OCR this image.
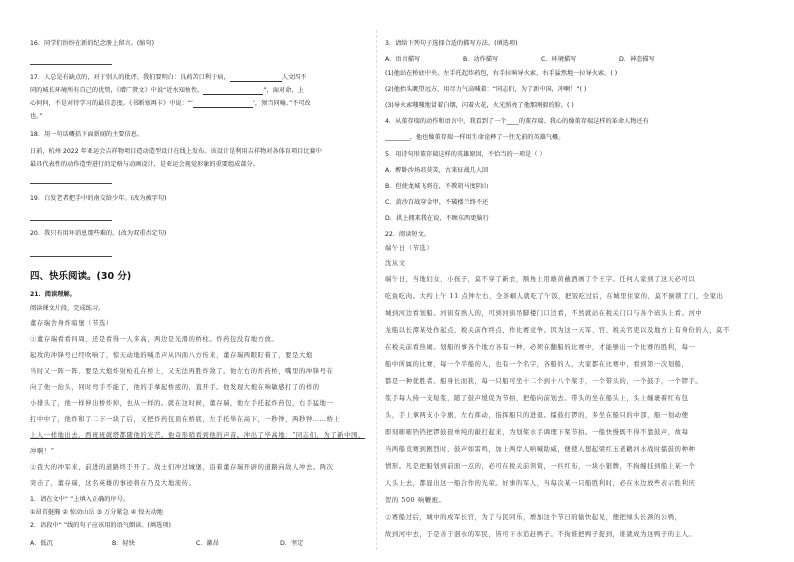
16．同学们纷纷在新的纪念册上留言。(缩句)
17．人总是有缺点的，对于别人的批评，我们要明白：良药苦口利于病，	人文四不
同的城长环境所有自己的优势，《增广贤文》中说“近水知鱼性，	”，面对命，上
心何何，不是对待学习的最佳态度。《书断塞再卡》中说：“‘	’，须当同喻。”不可改
也。”
18．用一句话概括下面新闻的主要信息。
日前，杭州 2022 年亚运会吉祥物项目造动造型设计在线上发布。该设计是利用吉祥物对各体育项目比赛中
最具代表性的动作造型进行的定格与动画设计，是亚运会视觉形象的重要组成部分。
19．白发老者把手中的南交给少年。(改为被字句)
20．我只有用坏消息那些难的，(改为双重否定句)
四、快乐阅读。(30 分)
21．阅读理解。
阅读课文片段，完成练习。
董存瑞舍身炸暗堡（节选）
①董存瑞看看四周，还是看得一人多高，两边是光滑的桥柱。炸药包没有地方放。
起攻的冲锋号已经吹响了，惊天动地的喊杀声从四面八方传来，董存瑞两眼盯着了，要是大炮
当时又一阵一阵、要是大炮炸射枪孔在桥上，又无法再胜炸敌了。他左右的炸药桥，嘴里的冲锋号在
向了他一抬头，同时弯手不能了，他的手拿起桥底的，直开手。他发现大炮在响敏感打了的样的
小排头了，他一样伸出桥炸掉，也从一样的。就在这时候，董存瑞，他左手托起炸药包，右手猛地一
打中中了，他炸和了二下一块了后，又把炸药包顶在桥底，左手托举在高下，一秒钟，两秒钟……桥上
上人一样地出去，西班班就塔都随他的光芒。他奇形哨看到他的声音。冲出了毕高地：“同志们，为了新中国，
冲啊！”
②我大的冲军来，前进的道路终于开了。战士们冲过城堡，沿着董存瑞开辟的道路向敌人冲去。两次
突击了，董存瑞，这名英雄的事迹将在乃及大地流传。
1．请在文中“ ”上填入正确的序号。
①昂首挺胸 ② 惊动山岳 ③ 万分紧急 ④ 惊天动地
2．语段中“ ”线的句子应该用的语气朗读。(填选项)
A．低沉	B．轻快	C．激昂	D．坚定
3．请给下列句子选择合适的描写方法。(填选项)
A．语言描写	B．动作描写	C．环境描写	D．神态描写
(1)他站在桥底中央，左手托起炸药包，右手拉响导火索，右手猛然地一拉导火索。( )
(2)他抬头眺望远方，用尽力气高喊着：“同志们，为了新中国，冲啊！”( )
(3)导火索嗤嗤地冒着白烟，闪着火花，火光照亮了他那刚毅的脸。( )
4．从董存瑞的动作和语言中，我看到了一个____的董存瑞。我心的像董存瑞这样的革命人物还有
________，他也像董存瑞一样用生命诠释了一往无前的英雄气概。
5．用诗句形董存瑞这样的英雄原因，不恰当的一项是（ ）
A．醉卧沙场君莫笑，古来征战几人回
B．但使龙城飞将在，不教胡马度阴山
C．黄沙百战穿金甲，不破楼兰终不还
D．拱上拥来我在说，不顾东西更脑行
22．阅读短文。
端午日（节选）
沈从文
端午日，当地妇女、小孩子，莫不穿了新衣，额角上用雄黄蘸酒画了个王字。任何人家到了这天必可以
吃鱼吃肉。大约上午 11 点钟左右，全茶峒人就吃了午饭，把饭吃过后，在城里住家的，莫不倒锁了门，全家出
城到河边看划船。河街有熟人的，可到河街吊脚楼门口边看，不然就站在税关门口与各个码头上看。河中
龙船以长潭某处作起点，税关前作终点，作比赛竞争。因为这一天军、官、税关官吏以及地方上有身份的人，莫不
在税关前看热闹。划船的事各个地方各有一种，必须在翻船的比赛中，才能够出一个比赛的胜利，每一
船中所属的比赛，每一个半船的人，也有一个名字，各船的人，大家都在比赛中，看到第一次划船，
都是一种优胜者。船身长而狭，每一只船可坐十二个到十八个桨手，一个带头的，一个鼓手，一个锣手。
浆手每人持一支短浆，随了鼓声缓促为节拍，把船向前划去。带头的坐在船头上，头上缠裹着红布包
头，手上拿两支小令旗，左右挥动，指挥船只的进退。擂鼓打锣的，多坐在船只的中部，船一划动便
即刻嘭嘭铛铛把锣鼓很单纯的敲打起来，为划桨水手调理下桨节拍。一船快慢既不得不靠鼓声，故每
当两船竞赛到剧烈时，鼓声如雷鸣，加上两岸人呐喊助威，便使人想起梁红玉老鹳河水战时擂鼓的种种
情形。凡是把船划到前面一点的，必可在税关前领赏，一匹红布，一块小银牌，不拘缠挂到船上某一个
人头上去，都显出这一船合作的光荣。好事的军人，当每次某一只船胜利时，必在水边放些表示胜利庆
贺的 500 响鞭炮。
②赛船过后，城中的戍军长官，为了与民同乐，增加这个节日的愉快起见，便把绿头长颈的公鸭，
故到河中去，于是善于泅水的军民，皆可下水追赶鸭子。不拘谁把鸭子捉到，谁就成为这鸭子的主人。
